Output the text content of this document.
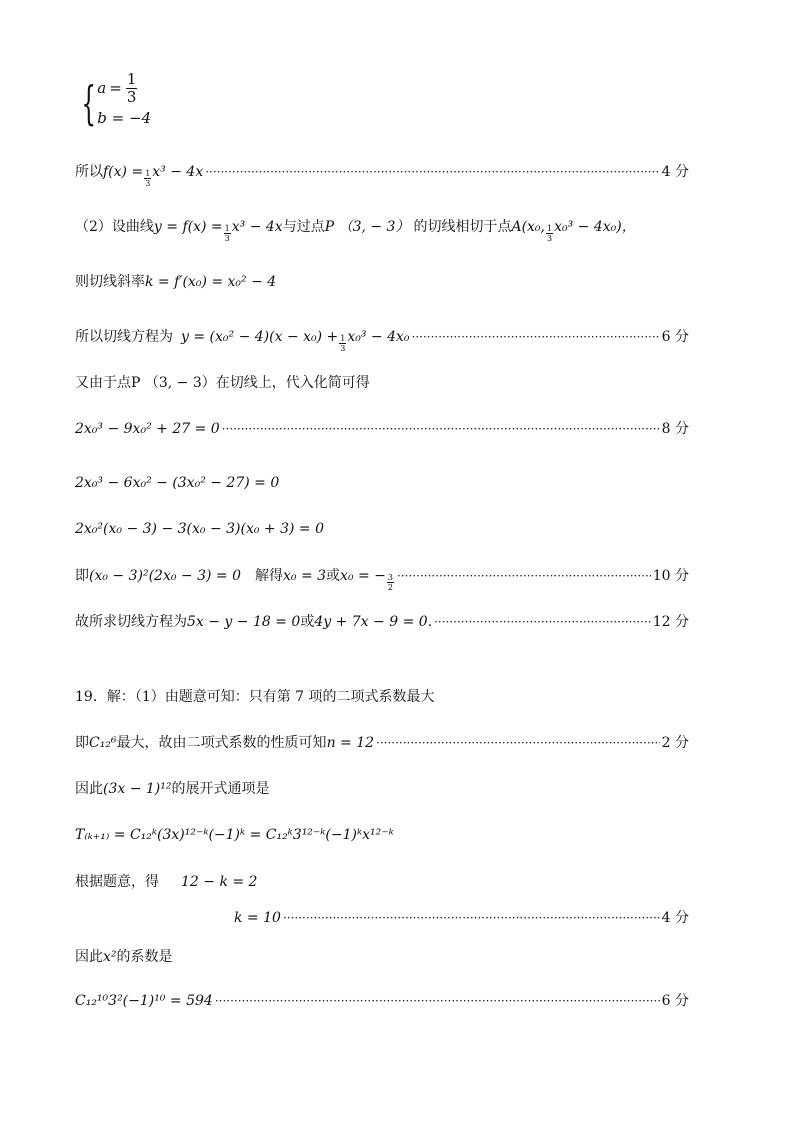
{ $a = \frac{1}{3}$
b = −4
所以 $f(x) = \frac{1}{3} x^3 - 4x$ ·····	4 分
（2）设曲线 $y = f(x) = \frac{1}{3} x^3 - 4x$ 与过点 P （3, − 3） 的切线相切于点 A(x₀, $\frac{1}{3} x_0^3 - 4x_0$)，
则切线斜率 k = f′(x₀) = x₀² − 4
所以切线方程为 $y = (x_0^2 - 4)(x - x_0) + \frac{1}{3} x_0^3 - 4x_0$ ·····	6 分
又由于点P （3, − 3）在切线上，代入化简可得
2x₀³ − 9x₀² + 27 = 0 ·····	8 分
2x₀³ − 6x₀² − (3x₀² − 27) = 0
2x₀²(x₀ − 3) − 3(x₀ − 3)(x₀ + 3) = 0
即 (x₀ − 3)²(2x₀ − 3) = 0 解得 x₀ = 3 或 x₀ = − $\frac{3}{2}$ ·····	10 分
故所求切线方程为 5x − y − 18 = 0 或 4y + 7x − 9 = 0. ·····	12 分
19．解：（1）由题意可知：只有第 7 项的二项式系数最大
即 C₁₂⁶ 最大，故由二项式系数的性质可知 n = 12 ·····	2 分
因此 (3x − 1)¹² 的展开式通项是
T₍ₖ₊₁₎ = C₁₂ᵏ(3x)¹²⁻ᵏ(−1)ᵏ = C₁₂ᵏ3¹²⁻ᵏ(−1)ᵏx¹²⁻ᵏ
根据题意，得 12 − k = 2
k = 10 ·····	4 分
因此 x² 的系数是
C₁₂¹⁰3²(−1)¹⁰ = 594 ·····	6 分
